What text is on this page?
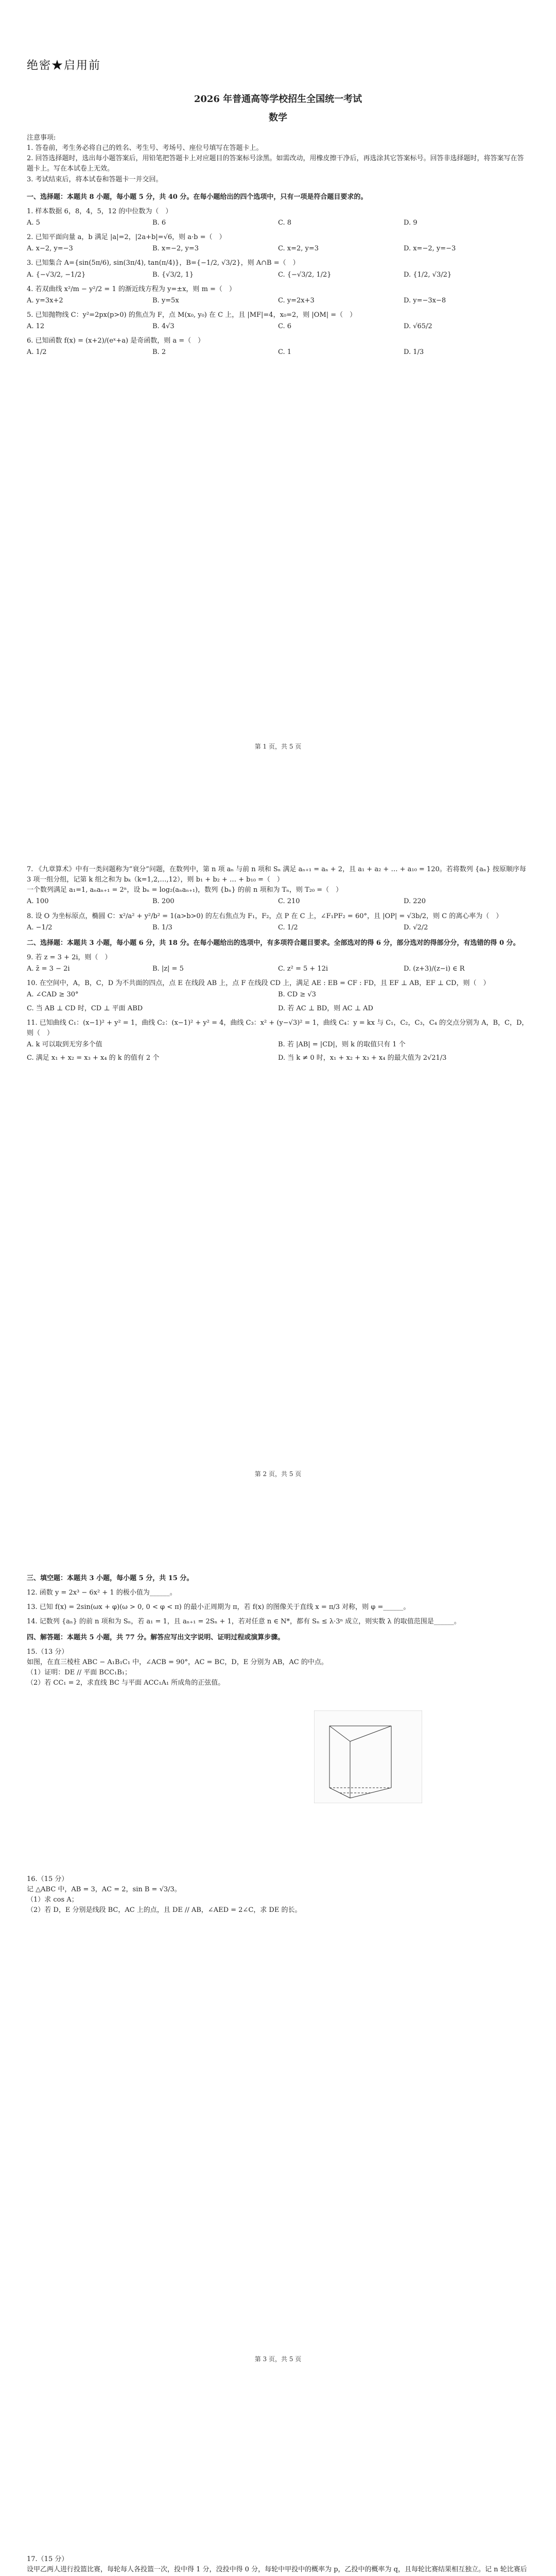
绝密★启用前
2026 年普通高等学校招生全国统一考试
数学

注意事项:

1. 答卷前，考生务必将自己的姓名、考生号、考场号、座位号填写在答题卡上。

2. 回答选择题时，选出每小题答案后，用铅笔把答题卡上对应题目的答案标号涂黑。如需改动，用橡皮擦干净后，再选涂其它答案标号。回答非选择题时，将答案写在答题卡上。写在本试卷上无效。

3. 考试结束后，将本试卷和答题卡一并交回。

一、选择题：本题共 8 小题，每小题 5 分，共 40 分。在每小题给出的四个选项中，只有一项是符合题目要求的。

1. 样本数据 6，8，4，5，12 的中位数为（　）

A. 5	B. 6	C. 8	D. 9

2. 已知平面向量 a，b 满足 |a|=2，|2a+b|=√6，则 a·b =（　）

A. x−2, y=−3	B. x=−2, y=3	C. x=2, y=3	D. x=−2, y=−3

3. 已知集合 A={sin(5π/6), sin(3π/4), tan(π/4)}，B={−1/2, √3/2}，则 A∩B =（　）

A. {−√3/2, −1/2}	B. {√3/2, 1}	C. {−√3/2, 1/2}	D. {1/2, √3/2}

4. 若双曲线 x²/m − y²/2 = 1 的渐近线方程为 y=±x，则 m =（　）

A. y=3x+2	B. y=5x	C. y=2x+3	D. y=−3x−8

5. 已知抛物线 C：y²=2px(p>0) 的焦点为 F，点 M(x₀, y₀) 在 C 上，且 |MF|=4，x₀=2，则 |OM| =（　）

A. 12	B. 4√3	C. 6	D. √65/2

6. 已知函数 f(x) = (x+2)/(eˣ+a) 是奇函数，则 a =（　）

A. 1/2	B. 2	C. 1	D. 1/3
第 1 页，共 5 页

7. 《九章算术》中有一类问题称为“衰分”问题，在数列中，第 n 项 aₙ 与前 n 项和 Sₙ 满足 aₙ₊₁ = aₙ + 2，且 a₁ + a₂ + … + a₁₀ = 120。若将数列 {aₙ} 按原顺序每 3 项一组分组，记第 k 组之和为 bₖ（k=1,2,…,12），则 b₁ + b₂ + … + b₁₀ =（　）

一个数列满足 a₁=1, aₙaₙ₊₁ = 2ⁿ，设 bₙ = log₂(aₙaₙ₊₁)，数列 {bₙ} 的前 n 项和为 Tₙ，则 T₂₀ =（　）

A. 100	B. 200	C. 210	D. 220

8. 设 O 为坐标原点，椭圆 C：x²/a² + y²/b² = 1(a>b>0) 的左右焦点为 F₁，F₂，点 P 在 C 上，∠F₁PF₂ = 60°，且 |OP| = √3b/2，则 C 的离心率为（　）

A. −1/2	B. 1/3	C. 1/2	D. √2/2

二、选择题：本题共 3 小题，每小题 6 分，共 18 分。在每小题给出的选项中，有多项符合题目要求。全部选对的得 6 分，部分选对的得部分分，有选错的得 0 分。

9. 若 z = 3 + 2i，则（　）

A. z̄ = 3 − 2i	B. |z| = 5	C. z² = 5 + 12i	D. (z+3)/(z−i) ∈ R

10. 在空间中，A，B，C，D 为不共面的四点，点 E 在线段 AB 上，点 F 在线段 CD 上，满足 AE : EB = CF : FD，且 EF ⊥ AB，EF ⊥ CD，则（　）

A. ∠CAD ≥ 30°	B. CD ≥ √3
C. 当 AB ⊥ CD 时，CD ⊥ 平面 ABD	D. 若 AC ⊥ BD，则 AC ⊥ AD

11. 已知曲线 C₁：(x−1)² + y² = 1，曲线 C₂：(x−1)² + y² = 4，曲线 C₃：x² + (y−√3)² = 1，曲线 C₄：y = kx 与 C₁，C₂，C₃，C₄ 的交点分别为 A，B，C，D，则（　）

A. k 可以取到无穷多个值	B. 若 |AB| = |CD|，则 k 的取值只有 1 个
C. 满足 x₁ + x₂ = x₃ + x₄ 的 k 的值有 2 个	D. 当 k ≠ 0 时，x₁ + x₂ + x₃ + x₄ 的最大值为 2√21/3
第 2 页，共 5 页

三、填空题：本题共 3 小题，每小题 5 分，共 15 分。

12. 函数 y = 2x³ − 6x² + 1 的极小值为______。

13. 已知 f(x) = 2sin(ωx + φ)(ω > 0, 0 < φ < π) 的最小正周期为 π，若 f(x) 的图像关于直线 x = π/3 对称，则 φ =______。

14. 记数列 {aₙ} 的前 n 项和为 Sₙ，若 a₁ = 1，且 aₙ₊₁ = 2Sₙ + 1，若对任意 n ∈ N*，都有 Sₙ ≤ λ·3ⁿ 成立，则实数 λ 的取值范围是______。

四、解答题：本题共 5 小题，共 77 分。解答应写出文字说明、证明过程或演算步骤。

15.（13 分）

如图，在直三棱柱 ABC − A₁B₁C₁ 中，∠ACB = 90°，AC = BC，D，E 分别为 AB，AC 的中点。

（1）证明：DE // 平面 BCC₁B₁；

（2）若 CC₁ = 2，求直线 BC 与平面 ACC₁A₁ 所成角的正弦值。

16.（15 分）

记 △ABC 中，AB = 3，AC = 2，sin B = √3/3。

（1）求 cos A；

（2）若 D，E 分别是线段 BC，AC 上的点，且 DE // AB，∠AED = 2∠C，求 DE 的长。

第 3 页，共 5 页

17.（15 分）

设甲乙两人进行投篮比赛，每轮每人各投篮一次，投中得 1 分，没投中得 0 分，每轮中甲投中的概率为 p，乙投中的概率为 q，且每轮比赛结果相互独立。记 n 轮比赛后
